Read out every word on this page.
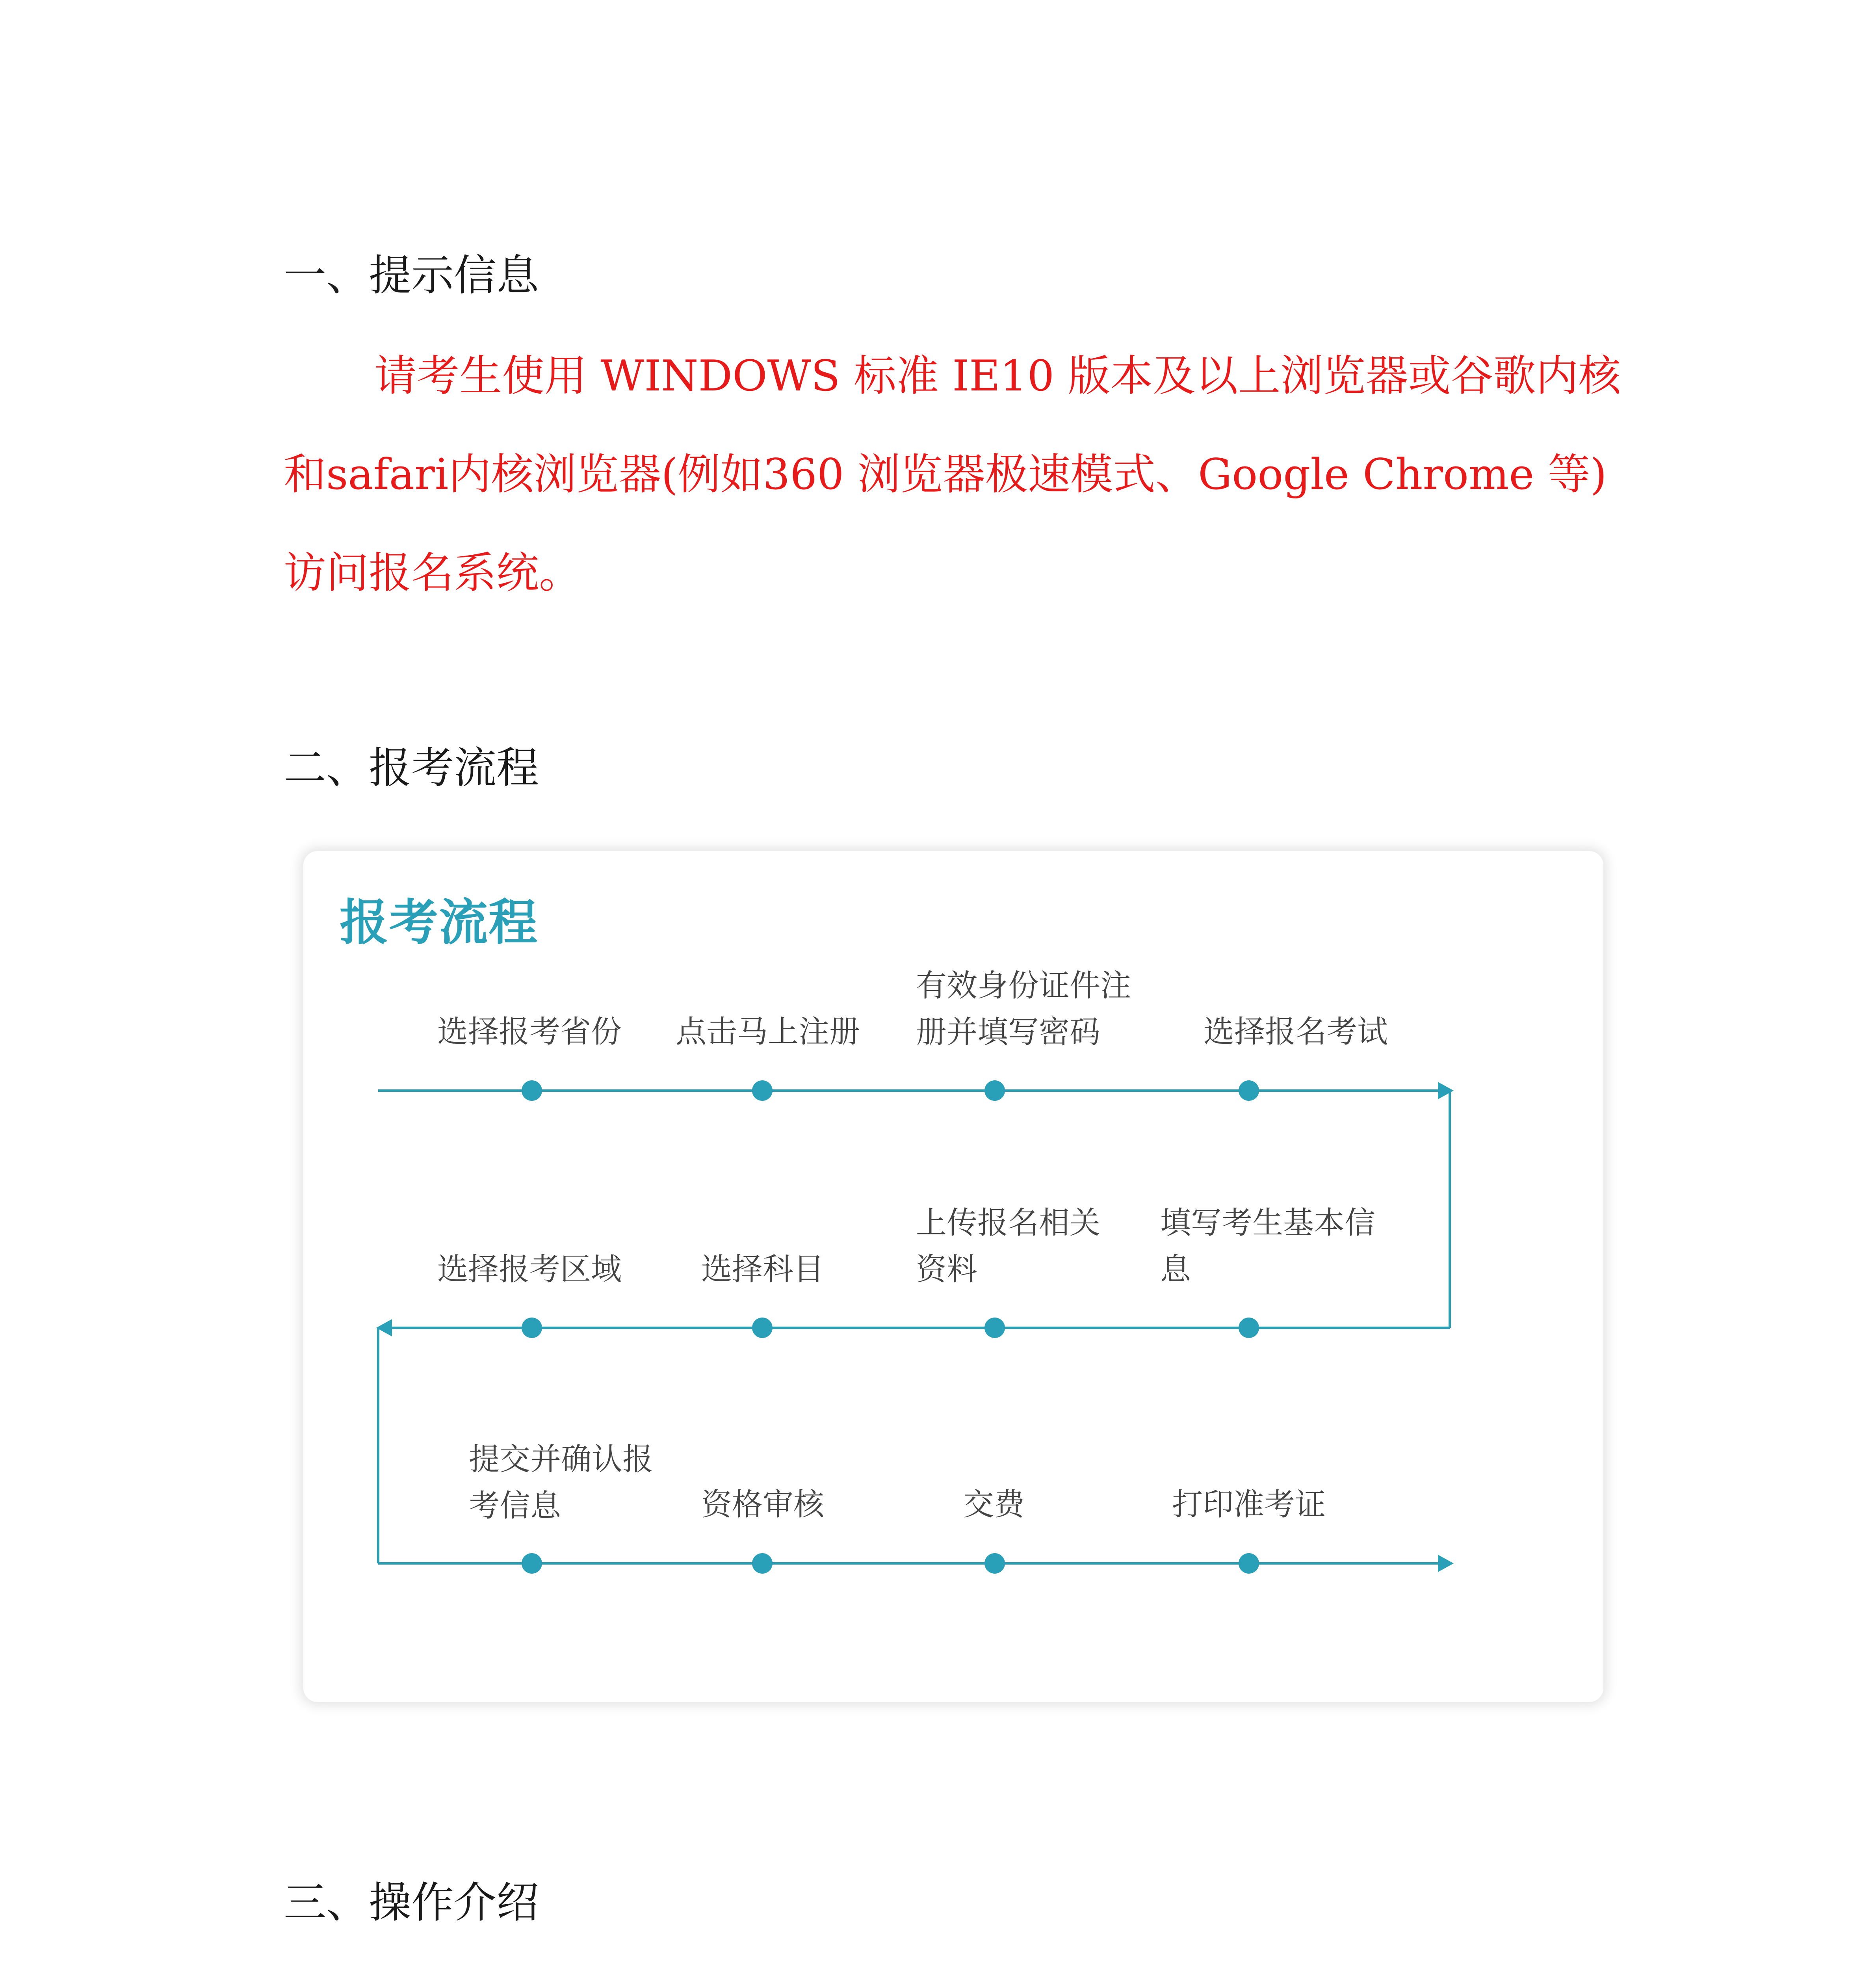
一、提示信息
请考生使用 WINDOWS 标准 IE10 版本及以上浏览器或谷歌内核
和safari内核浏览器(例如360 浏览器极速模式、Google Chrome 等)
访问报名系统。
二、报考流程
报考流程
选择报考省份 点击马上注册
有效身份证件注
册并填写密码	选择报名考试
选择报考区域	选择科目
上传报名相关
资料
填写考生基本信
息
提交并确认报
考信息	资格审核	交费	打印准考证
三、操作介绍
